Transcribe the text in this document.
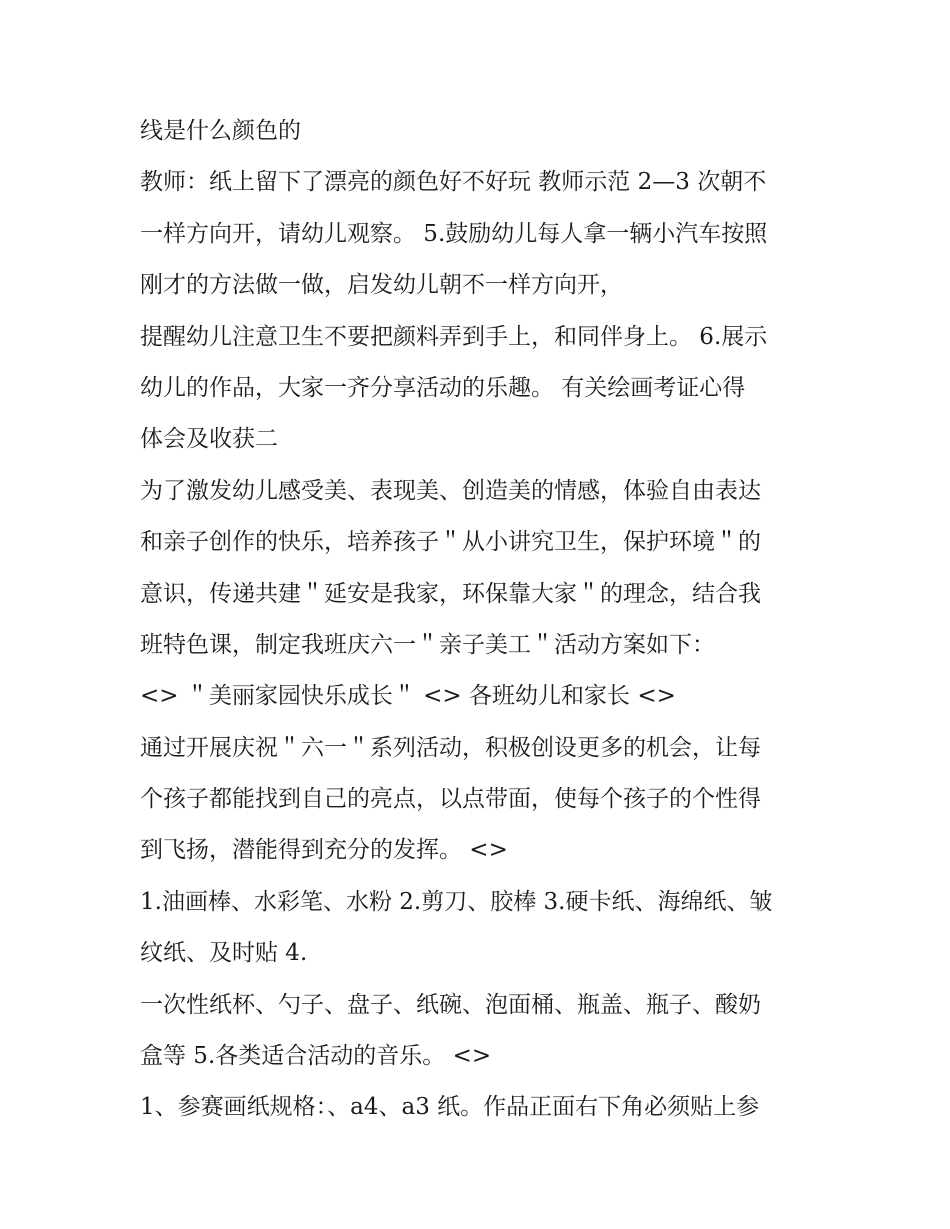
线是什么颜色的
教师：纸上留下了漂亮的颜色好不好玩 教师示范 2—3 次朝不
一样方向开，请幼儿观察。 5.鼓励幼儿每人拿一辆小汽车按照
刚才的方法做一做，启发幼儿朝不一样方向开，
提醒幼儿注意卫生不要把颜料弄到手上，和同伴身上。 6.展示
幼儿的作品，大家一齐分享活动的乐趣。 有关绘画考证心得
体会及收获二
为了激发幼儿感受美、表现美、创造美的情感，体验自由表达
和亲子创作的快乐，培养孩子＂从小讲究卫生，保护环境＂的
意识，传递共建＂延安是我家，环保靠大家＂的理念，结合我
班特色课，制定我班庆六一＂亲子美工＂活动方案如下：
<> ＂美丽家园快乐成长＂ <> 各班幼儿和家长 <>
通过开展庆祝＂六一＂系列活动，积极创设更多的机会，让每
个孩子都能找到自己的亮点，以点带面，使每个孩子的个性得
到飞扬，潜能得到充分的发挥。 <>
1.油画棒、水彩笔、水粉 2.剪刀、胶棒 3.硬卡纸、海绵纸、皱
纹纸、及时贴 4.
一次性纸杯、勺子、盘子、纸碗、泡面桶、瓶盖、瓶子、酸奶
盒等 5.各类适合活动的音乐。 <>
1、参赛画纸规格：、a4、a3 纸。作品正面右下角必须贴上参
